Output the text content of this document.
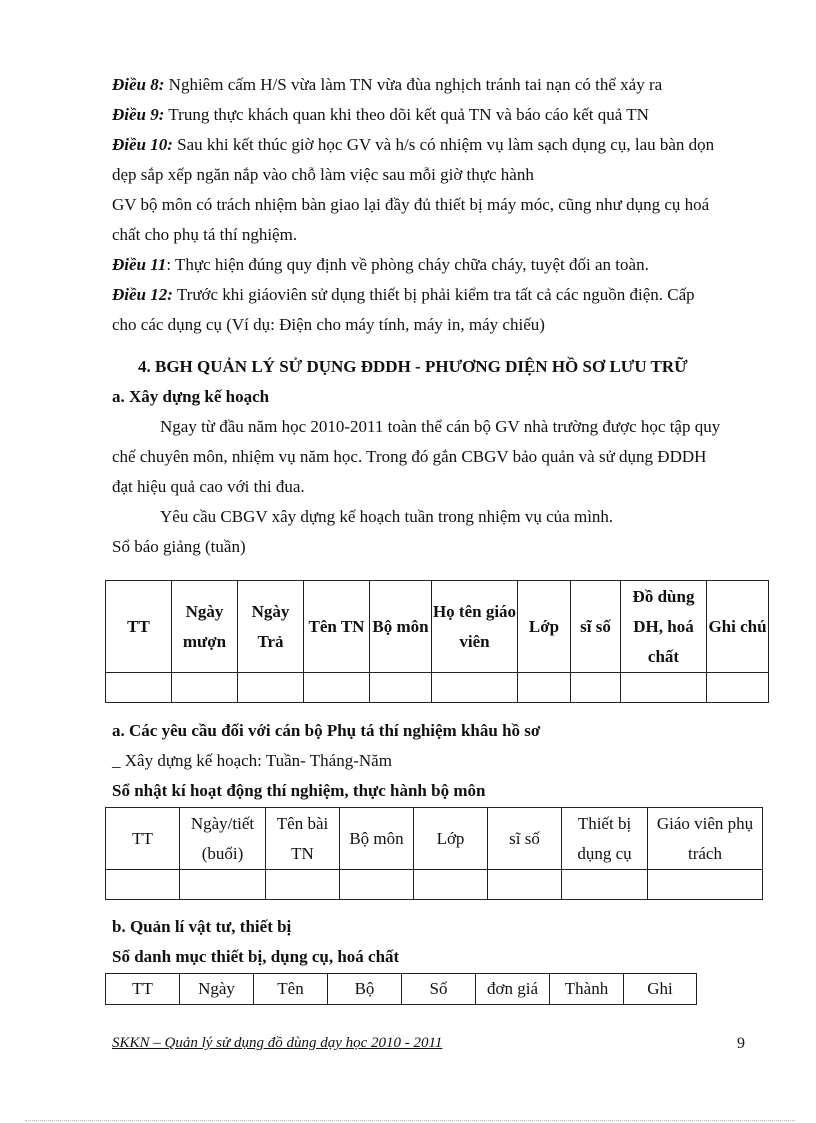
Điều 8: Nghiêm cấm H/S vừa làm TN vừa đùa nghịch tránh tai nạn có thể xảy ra
Điều 9: Trung thực khách quan khi theo dõi kết quả TN và báo cáo kết quả TN
Điều 10: Sau khi kết thúc giờ học GV và h/s có nhiệm vụ làm sạch dụng cụ, lau bàn dọn
dẹp sắp xếp ngăn nắp vào chỗ làm việc sau mỗi giờ thực hành
GV bộ môn có trách nhiệm bàn giao lại đầy đủ thiết bị máy móc, cũng như dụng cụ hoá
chất cho phụ tá thí nghiệm.
Điều 11: Thực hiện đúng quy định về phòng cháy chữa cháy, tuyệt đối an toàn.
Điều 12: Trước khi giáoviên sử dụng thiết bị phải kiểm tra tất cả các nguồn điện. Cấp
cho các dụng cụ (Ví dụ: Điện cho máy tính, máy in, máy chiếu)
4. BGH QUẢN LÝ SỬ DỤNG ĐDDH - PHƯƠNG DIỆN HỒ SƠ LƯU TRỮ
a. Xây dựng kế hoạch
Ngay từ đầu năm học 2010-2011 toàn thể cán bộ GV nhà trường được học tập quy
chế chuyên môn, nhiệm vụ năm học. Trong đó gắn CBGV bảo quản và sử dụng ĐDDH
đạt hiệu quả cao với thi đua.
Yêu cầu CBGV xây dựng kế hoạch tuần trong nhiệm vụ của mình.
Sổ báo giảng (tuần)
TT	Ngày mượn	Ngày Trả	Tên TN	Bộ môn	Họ tên giáo viên	Lớp	sĩ số	Đồ dùng DH, hoá chất	Ghi chú

a. Các yêu cầu đối với cán bộ Phụ tá thí nghiệm khâu hồ sơ
_ Xây dựng kế hoạch: Tuần- Tháng-Năm
Sổ nhật kí hoạt động thí nghiệm, thực hành bộ môn
TT	Ngày/tiết (buổi)	Tên bài TN	Bộ môn	Lớp	sĩ số	Thiết bị dụng cụ	Giáo viên phụ trách

b. Quản lí vật tư, thiết bị
Sổ danh mục thiết bị, dụng cụ, hoá chất
TT	Ngày	Tên	Bộ	Số	đơn giá	Thành	Ghi
SKKN – Quản lý sử dụng đồ dùng dạy học 2010 - 2011	9
